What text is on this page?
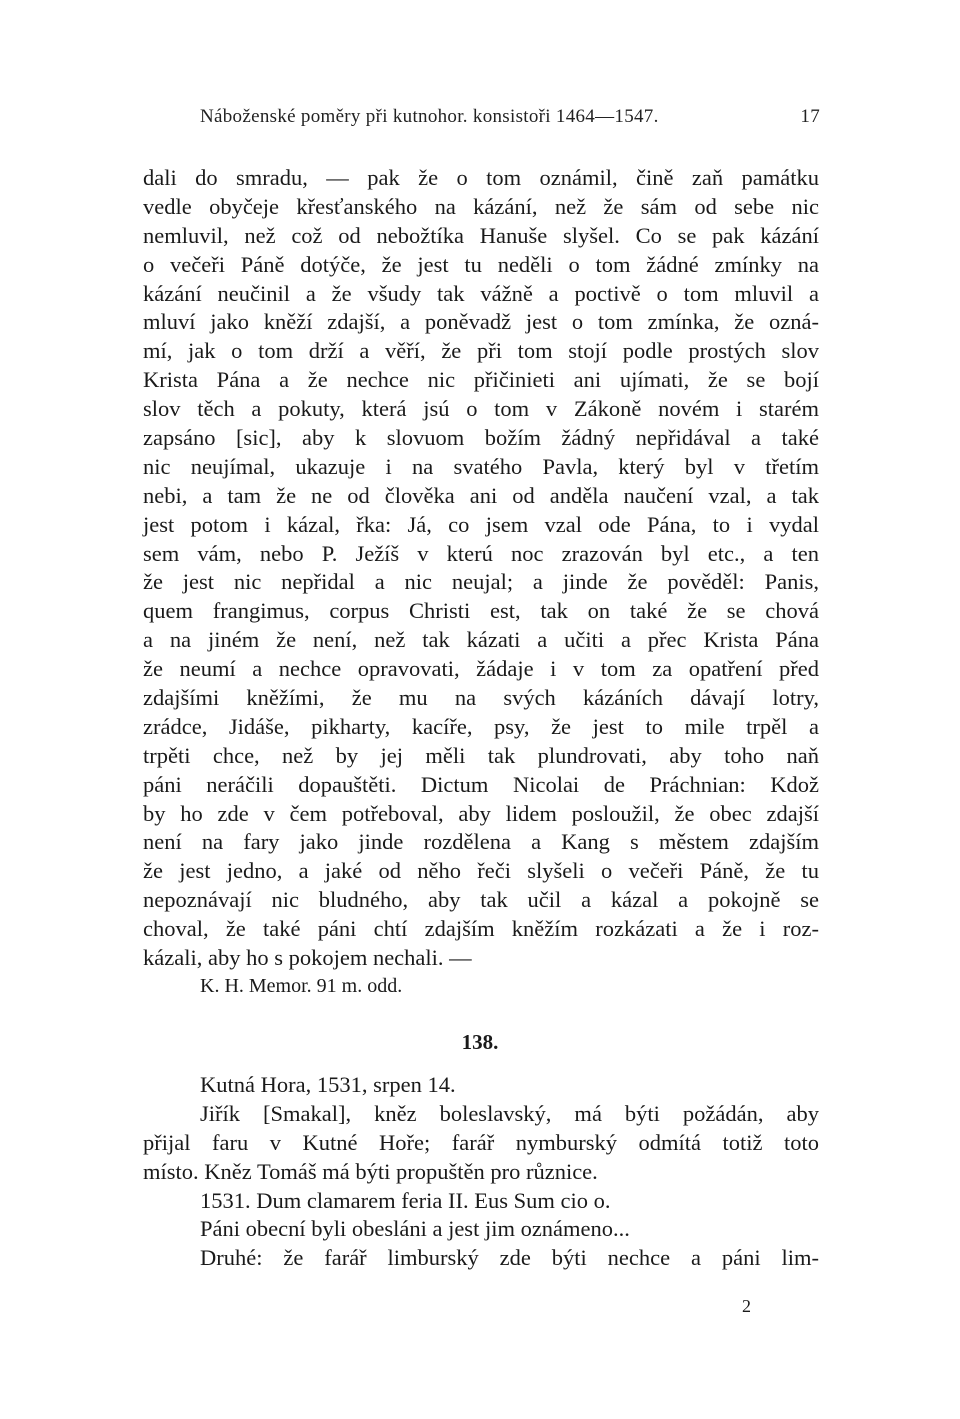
Náboženské poměry při kutnohor. konsistoři 1464—1547.	17
dali do smradu, — pak že o tom oznámil, čině zaň památku
vedle obyčeje křesťanského na kázání, než že sám od sebe nic
nemluvil, než což od nebožtíka Hanuše slyšel. Co se pak kázání
o večeři Páně dotýče, že jest tu neděli o tom žádné zmínky na
kázání neučinil a že všudy tak vážně a poctivě o tom mluvil a
mluví jako kněží zdajší, a poněvadž jest o tom zmínka, že ozná-
mí, jak o tom drží a věří, že při tom stojí podle prostých slov
Krista Pána a že nechce nic přičinieti ani ujímati, že se bojí
slov těch a pokuty, která jsú o tom v Zákoně novém i starém
zapsáno [sic], aby k slovuom božím žádný nepřidával a také
nic neujímal, ukazuje i na svatého Pavla, který byl v třetím
nebi, a tam že ne od člověka ani od anděla naučení vzal, a tak
jest potom i kázal, řka: Já, co jsem vzal ode Pána, to i vydal
sem vám, nebo P. Ježíš v kterú noc zrazován byl etc., a ten
že jest nic nepřidal a nic neujal; a jinde že pověděl: Panis,
quem frangimus, corpus Christi est, tak on také že se chová
a na jiném že není, než tak kázati a učiti a přec Krista Pána
že neumí a nechce opravovati, žádaje i v tom za opatření před
zdajšími kněžími, že mu na svých kázáních dávají lotry,
zrádce, Jidáše, pikharty, kacíře, psy, že jest to mile trpěl a
trpěti chce, než by jej měli tak plundrovati, aby toho naň
páni neráčili dopauštěti. Dictum Nicolai de Práchnian: Kdož
by ho zde v čem potřeboval, aby lidem posloužil, že obec zdajší
není na fary jako jinde rozdělena a Kang s městem zdajším
že jest jedno, a jaké od něho řeči slyšeli o večeři Páně, že tu
nepoznávají nic bludného, aby tak učil a kázal a pokojně se
choval, že také páni chtí zdajším kněžím rozkázati a že i roz-
kázali, aby ho s pokojem nechali. —
K. H. Memor. 91 m. odd.
138.
Kutná Hora, 1531, srpen 14.
Jiřík [Smakal], kněz boleslavský, má býti požádán, aby
přijal faru v Kutné Hoře; farář nymburský odmítá totiž toto
místo. Kněz Tomáš má býti propuštěn pro různice.
1531. Dum clamarem feria II. Eus Sum cio o.
Páni obecní byli obesláni a jest jim oznámeno...
Druhé: že farář limburský zde býti nechce a páni lim-
2
